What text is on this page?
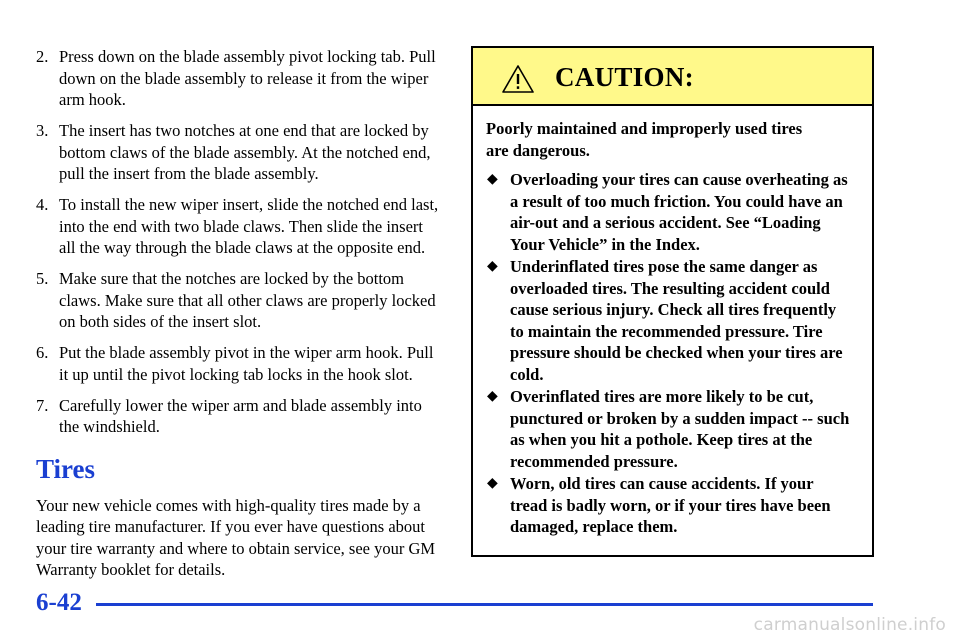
2. Press down on the blade assembly pivot locking tab. Pull down on the blade assembly to release it from the wiper arm hook.
3. The insert has two notches at one end that are locked by bottom claws of the blade assembly. At the notched end, pull the insert from the blade assembly.
4. To install the new wiper insert, slide the notched end last, into the end with two blade claws. Then slide the insert all the way through the blade claws at the opposite end.
5. Make sure that the notches are locked by the bottom claws. Make sure that all other claws are properly locked on both sides of the insert slot.
6. Put the blade assembly pivot in the wiper arm hook. Pull it up until the pivot locking tab locks in the hook slot.
7. Carefully lower the wiper arm and blade assembly into the windshield.
Tires

Your new vehicle comes with high-quality tires made by a leading tire manufacturer. If you ever have questions about your tire warranty and where to obtain service, see your GM Warranty booklet for details.

CAUTION:

Poorly maintained and improperly used tires are dangerous.

◆ Overloading your tires can cause overheating as a result of too much friction. You could have an air-out and a serious accident. See “Loading Your Vehicle” in the Index.
◆ Underinflated tires pose the same danger as overloaded tires. The resulting accident could cause serious injury. Check all tires frequently to maintain the recommended pressure. Tire pressure should be checked when your tires are cold.
◆ Overinflated tires are more likely to be cut, punctured or broken by a sudden impact -- such as when you hit a pothole. Keep tires at the recommended pressure.
◆ Worn, old tires can cause accidents. If your tread is badly worn, or if your tires have been damaged, replace them.
6-42
carmanualsonline.info
